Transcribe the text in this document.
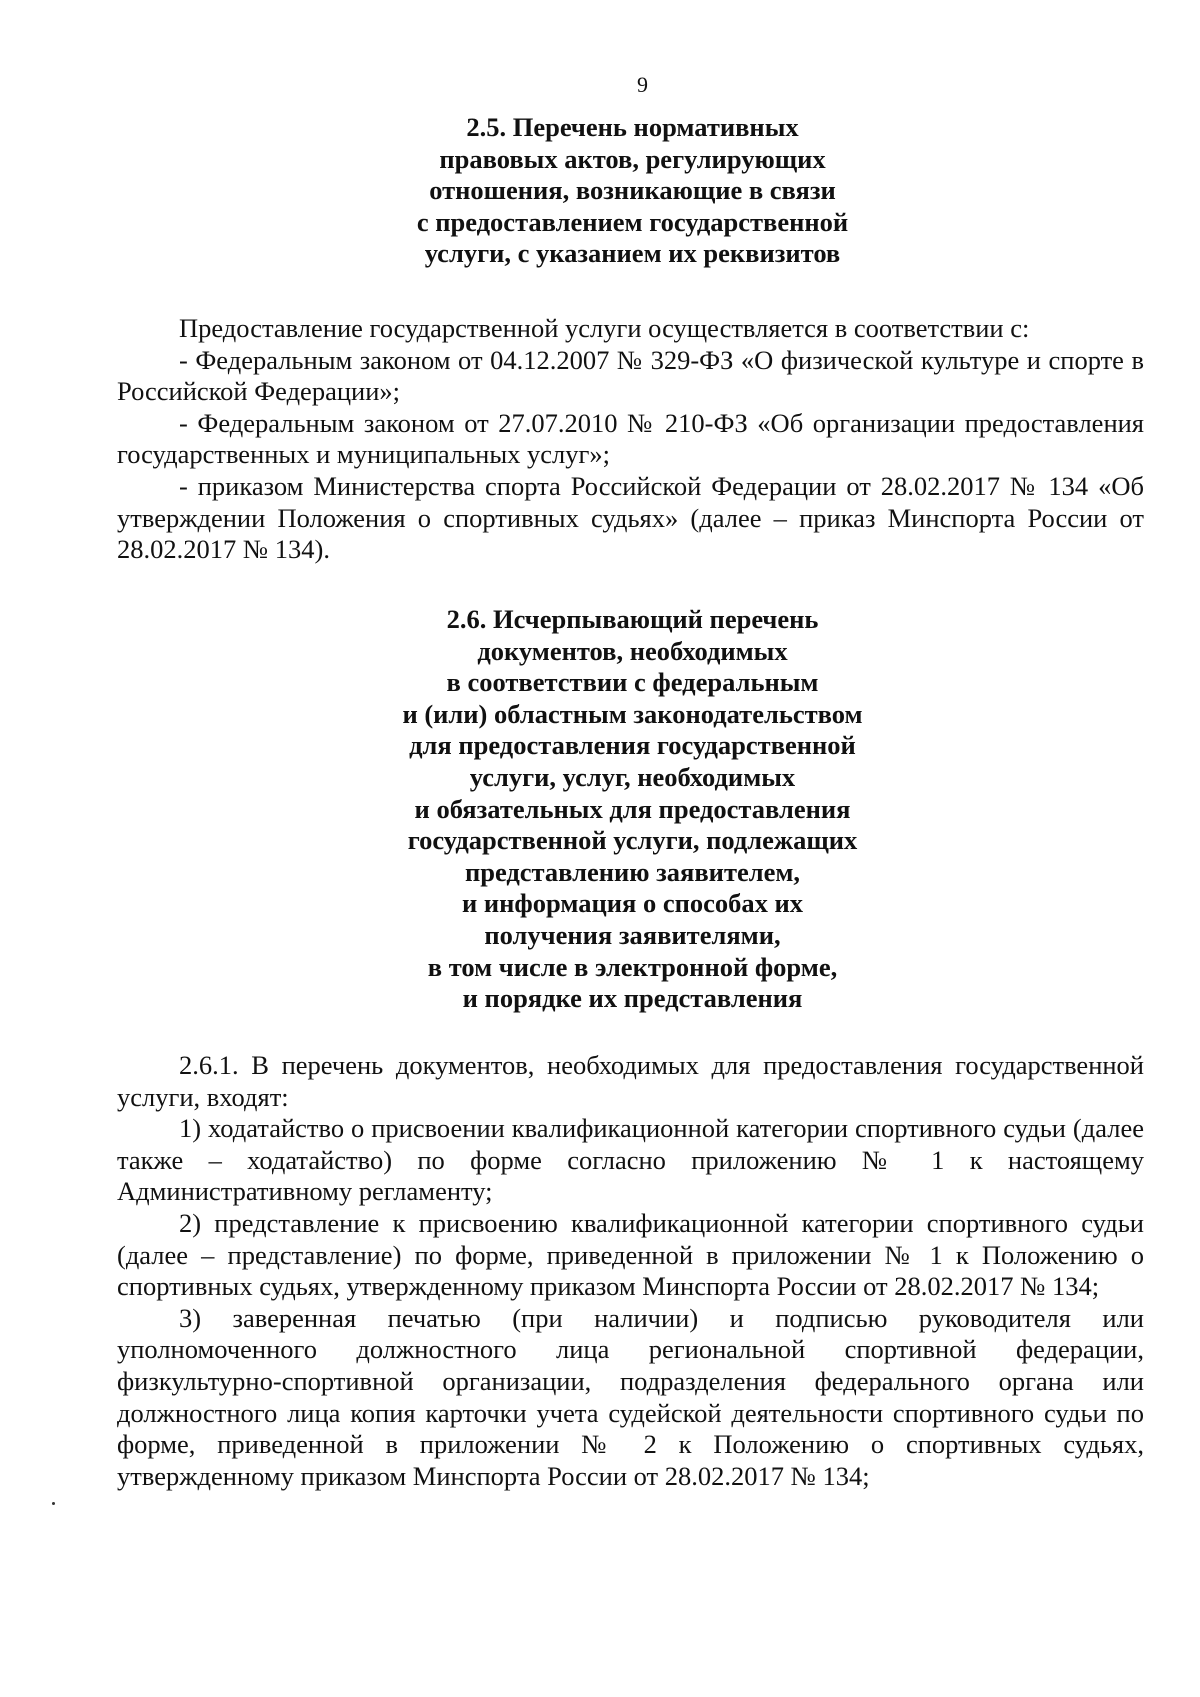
9
2.5. Перечень нормативных
правовых актов, регулирующих
отношения, возникающие в связи
с предоставлением государственной
услуги, с указанием их реквизитов

Предоставление государственной услуги осуществляется в соответствии с:

- Федеральным законом от 04.12.2007 № 329-ФЗ «О физической культуре и спорте в Российской Федерации»;

- Федеральным законом от 27.07.2010 № 210-ФЗ «Об организации предоставления государственных и муниципальных услуг»;

- приказом Министерства спорта Российской Федерации от 28.02.2017 № 134 «Об утверждении Положения о спортивных судьях» (далее – приказ Минспорта России от 28.02.2017 № 134).

2.6. Исчерпывающий перечень
документов, необходимых
в соответствии с федеральным
и (или) областным законодательством
для предоставления государственной
услуги, услуг, необходимых
и обязательных для предоставления
государственной услуги, подлежащих
представлению заявителем,
и информация о способах их
получения заявителями,
в том числе в электронной форме,
и порядке их представления

2.6.1. В перечень документов, необходимых для предоставления государственной услуги, входят:

1) ходатайство о присвоении квалификационной категории спортивного судьи (далее также – ходатайство) по форме согласно приложению № 1 к настоящему Административному регламенту;

2) представление к присвоению квалификационной категории спортивного судьи (далее – представление) по форме, приведенной в приложении № 1 к Положению о спортивных судьях, утвержденному приказом Минспорта России от 28.02.2017 № 134;

3) заверенная печатью (при наличии) и подписью руководителя или уполномоченного должностного лица региональной спортивной федерации, физкультурно-спортивной организации, подразделения федерального органа или должностного лица копия карточки учета судейской деятельности спортивного судьи по форме, приведенной в приложении № 2 к Положению о спортивных судьях, утвержденному приказом Минспорта России от 28.02.2017 № 134;
